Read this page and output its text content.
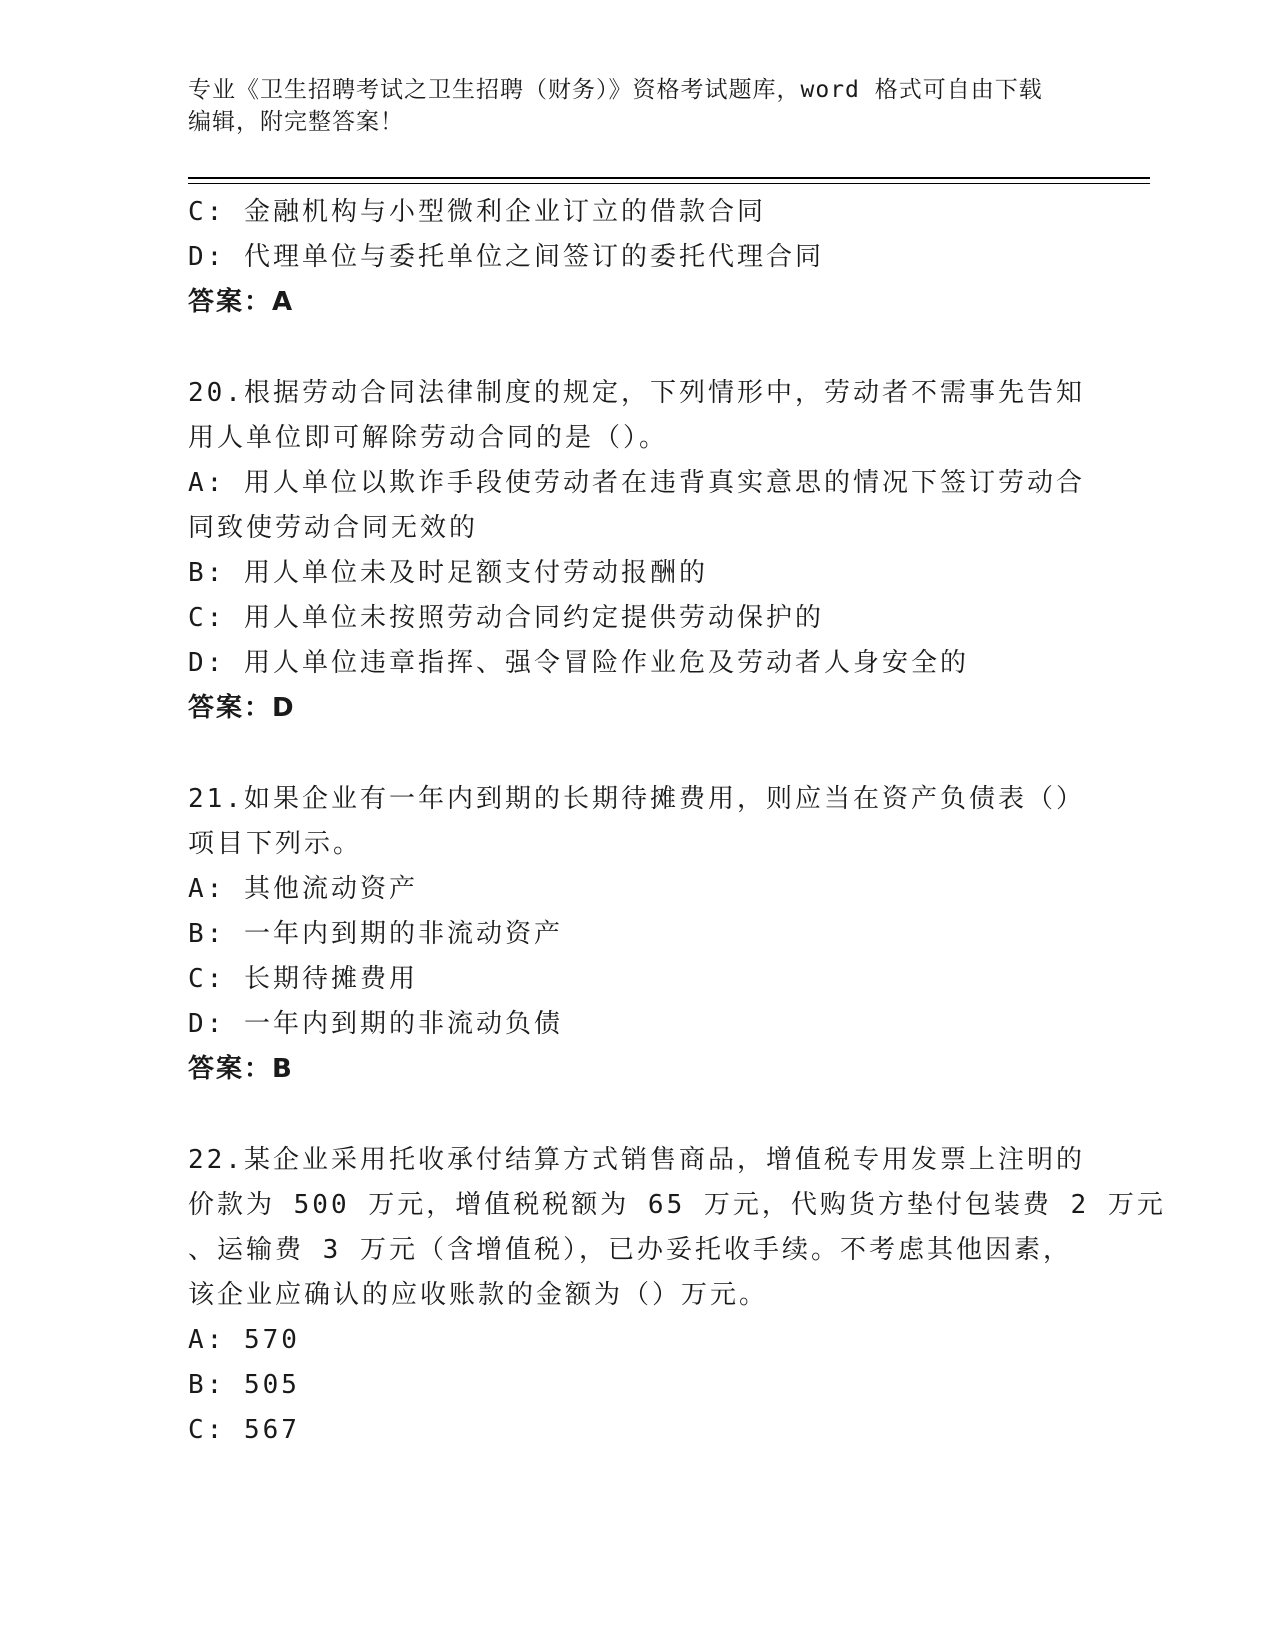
专业《卫生招聘考试之卫生招聘（财务）》资格考试题库，word 格式可自由下载
编辑，附完整答案！
C: 金融机构与小型微利企业订立的借款合同
D: 代理单位与委托单位之间签订的委托代理合同
答案：A
20.根据劳动合同法律制度的规定，下列情形中，劳动者不需事先告知
用人单位即可解除劳动合同的是（）。
A: 用人单位以欺诈手段使劳动者在违背真实意思的情况下签订劳动合
同致使劳动合同无效的
B: 用人单位未及时足额支付劳动报酬的
C: 用人单位未按照劳动合同约定提供劳动保护的
D: 用人单位违章指挥、强令冒险作业危及劳动者人身安全的
答案：D
21.如果企业有一年内到期的长期待摊费用，则应当在资产负债表（）
项目下列示。
A: 其他流动资产
B: 一年内到期的非流动资产
C: 长期待摊费用
D: 一年内到期的非流动负债
答案：B
22.某企业采用托收承付结算方式销售商品，增值税专用发票上注明的
价款为 500 万元，增值税税额为 65 万元，代购货方垫付包装费 2 万元
、运输费 3 万元（含增值税），已办妥托收手续。不考虑其他因素，
该企业应确认的应收账款的金额为（）万元。
A: 570
B: 505
C: 567
